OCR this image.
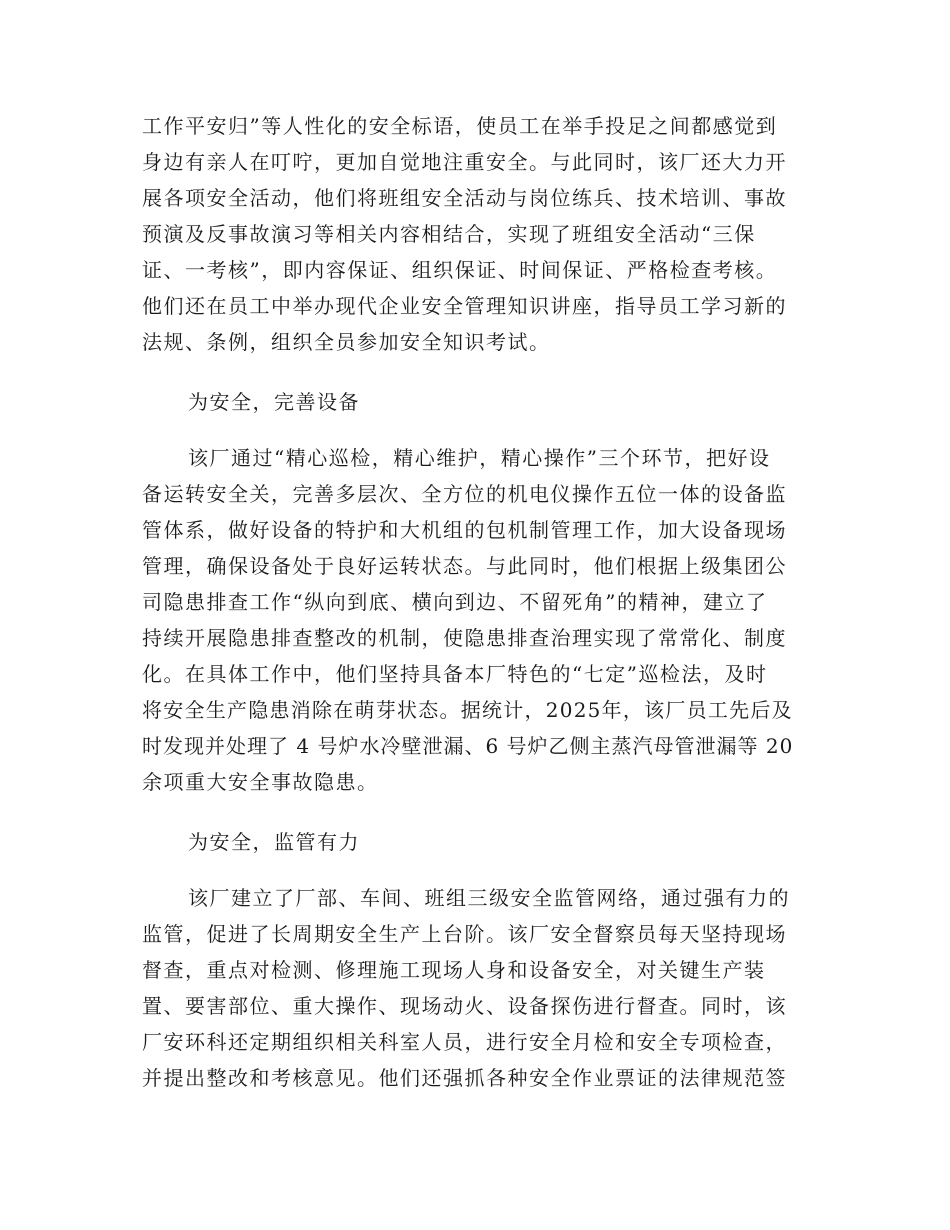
工作平安归”等人性化的安全标语，使员工在举手投足之间都感觉到
身边有亲人在叮咛，更加自觉地注重安全。与此同时，该厂还大力开
展各项安全活动，他们将班组安全活动与岗位练兵、技术培训、事故
预演及反事故演习等相关内容相结合，实现了班组安全活动“三保
证、一考核”，即内容保证、组织保证、时间保证、严格检查考核。
他们还在员工中举办现代企业安全管理知识讲座，指导员工学习新的
法规、条例，组织全员参加安全知识考试。
为安全，完善设备
该厂通过“精心巡检，精心维护，精心操作”三个环节，把好设
备运转安全关，完善多层次、全方位的机电仪操作五位一体的设备监
管体系，做好设备的特护和大机组的包机制管理工作，加大设备现场
管理，确保设备处于良好运转状态。与此同时，他们根据上级集团公
司隐患排查工作“纵向到底、横向到边、不留死角”的精神，建立了
持续开展隐患排查整改的机制，使隐患排查治理实现了常常化、制度
化。在具体工作中，他们坚持具备本厂特色的“七定”巡检法，及时
将安全生产隐患消除在萌芽状态。据统计，2025年，该厂员工先后及
时发现并处理了 4 号炉水冷壁泄漏、6 号炉乙侧主蒸汽母管泄漏等 20
余项重大安全事故隐患。
为安全，监管有力
该厂建立了厂部、车间、班组三级安全监管网络，通过强有力的
监管，促进了长周期安全生产上台阶。该厂安全督察员每天坚持现场
督查，重点对检测、修理施工现场人身和设备安全，对关键生产装
置、要害部位、重大操作、现场动火、设备探伤进行督查。同时，该
厂安环科还定期组织相关科室人员，进行安全月检和安全专项检查，
并提出整改和考核意见。他们还强抓各种安全作业票证的法律规范签
